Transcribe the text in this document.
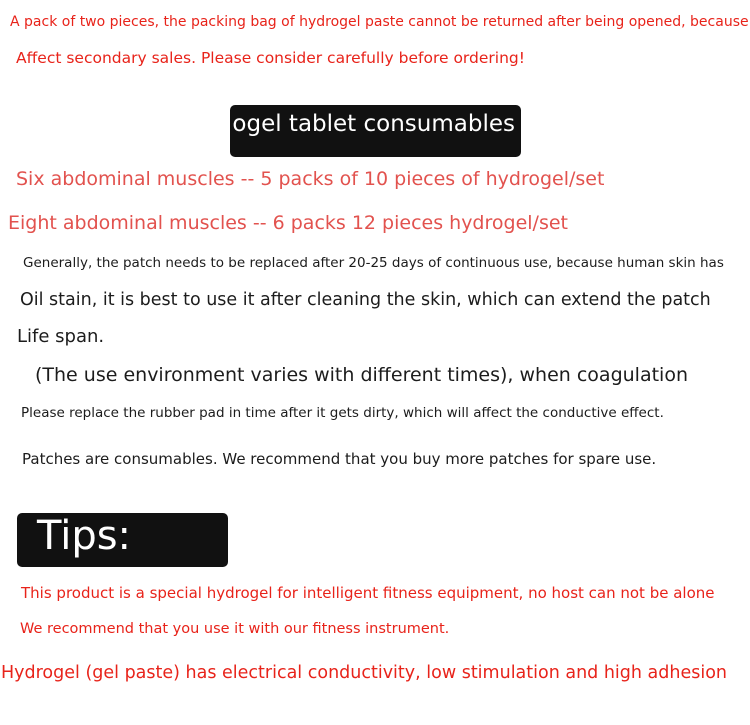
A pack of two pieces, the packing bag of hydrogel paste cannot be returned after being opened, because

Affect secondary sales. Please consider carefully before ordering!

ogel tablet consumables

Six abdominal muscles -- 5 packs of 10 pieces of hydrogel/set

Eight abdominal muscles -- 6 packs 12 pieces hydrogel/set

Generally, the patch needs to be replaced after 20-25 days of continuous use, because human skin has

Oil stain, it is best to use it after cleaning the skin, which can extend the patch

Life span.

(The use environment varies with different times), when coagulation

Please replace the rubber pad in time after it gets dirty, which will affect the conductive effect.

Patches are consumables. We recommend that you buy more patches for spare use.

Tips:

This product is a special hydrogel for intelligent fitness equipment, no host can not be alone

We recommend that you use it with our fitness instrument.

Hydrogel (gel paste) has electrical conductivity, low stimulation and high adhesion
